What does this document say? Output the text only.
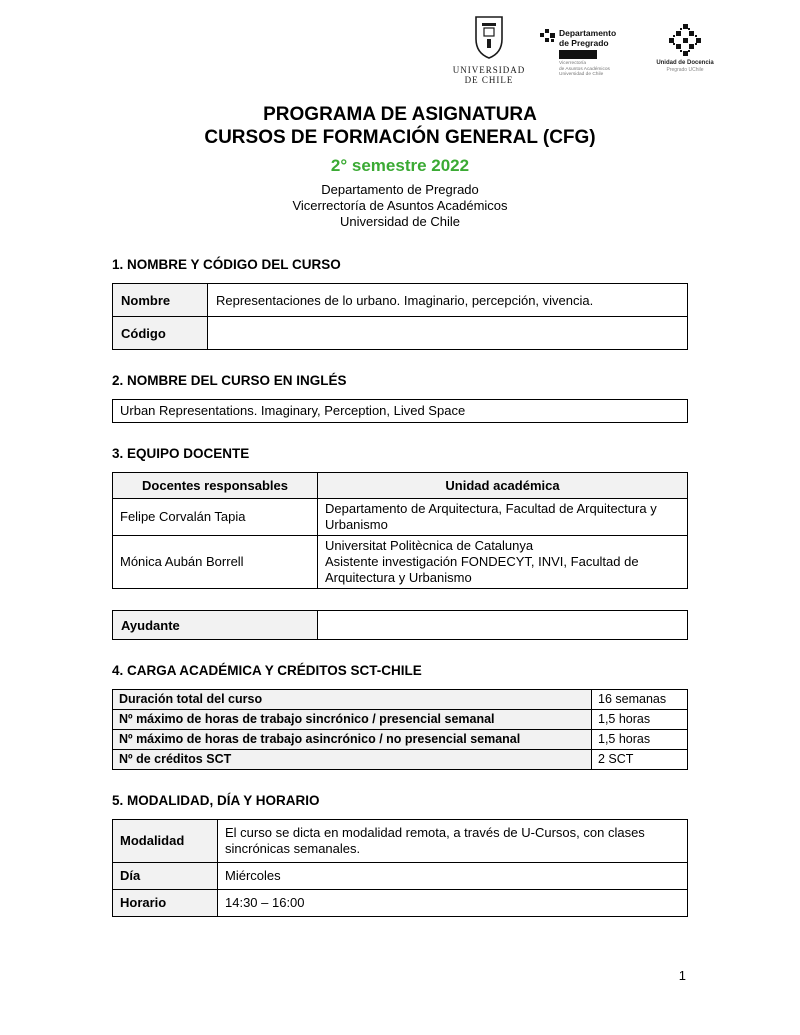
UNIVERSIDAD
DE CHILE
Departamento
de Pregrado
Vicerrectoría
de Asuntos Académicos
Universidad de Chile
Unidad de Docencia
Pregrado UChile
PROGRAMA DE ASIGNATURA
CURSOS DE FORMACIÓN GENERAL (CFG)
2° semestre 2022
Departamento de Pregrado
Vicerrectoría de Asuntos Académicos
Universidad de Chile
1. NOMBRE Y CÓDIGO DEL CURSO
Nombre	Representaciones de lo urbano. Imaginario, percepción, vivencia.
Código	
2. NOMBRE DEL CURSO EN INGLÉS
Urban Representations. Imaginary, Perception, Lived Space
3. EQUIPO DOCENTE
Docentes responsables	Unidad académica
Felipe Corvalán Tapia	Departamento de Arquitectura, Facultad de Arquitectura y Urbanismo

Mónica Aubán Borrell	Universitat Politècnica de Catalunya
Asistente investigación FONDECYT, INVI, Facultad de Arquitectura y Urbanismo
Ayudante	
4. CARGA ACADÉMICA Y CRÉDITOS SCT-CHILE
Duración total del curso	16 semanas
Nº máximo de horas de trabajo sincrónico / presencial semanal	1,5 horas
Nº máximo de horas de trabajo asincrónico / no presencial semanal	1,5 horas
Nº de créditos SCT	2 SCT
5. MODALIDAD, DÍA Y HORARIO
Modalidad	El curso se dicta en modalidad remota, a través de U-Cursos, con clases sincrónicas semanales.
Día	Miércoles
Horario	14:30 – 16:00
1
